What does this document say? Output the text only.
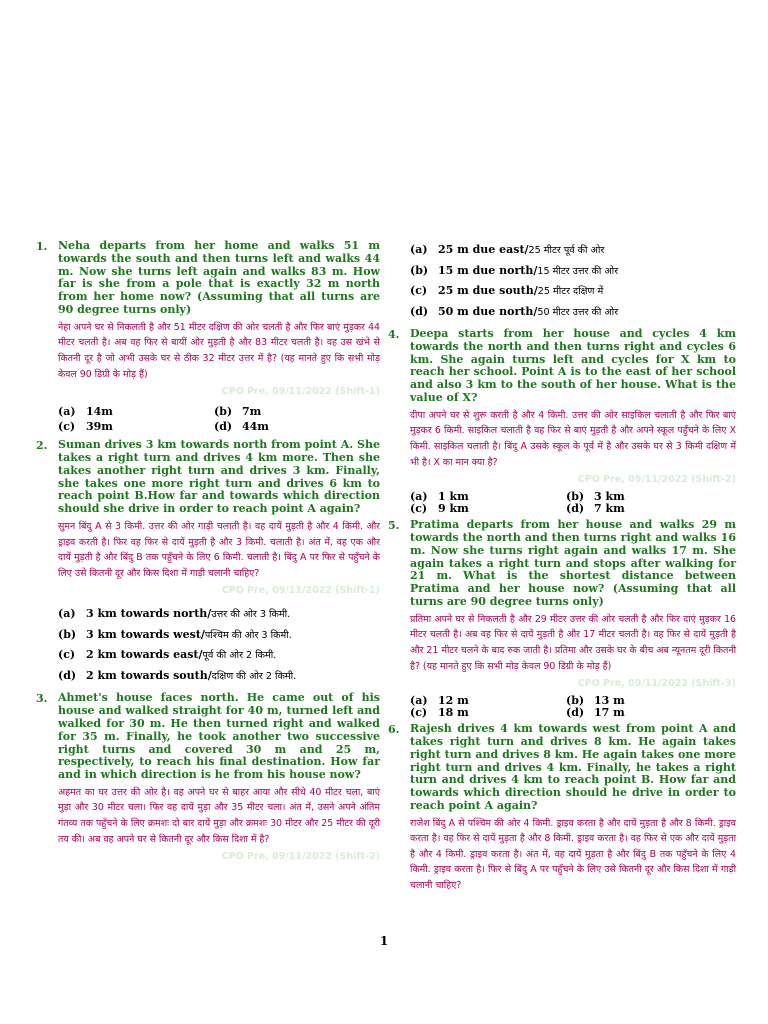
1. Neha departs from her home and walks 51 m towards the south and then turns left and walks 44 m. Now she turns left again and walks 83 m. How far is she from a pole that is exactly 32 m north from her home now? (Assuming that all turns are 90 degree turns only)

नेहा अपने घर से निकलती है और 51 मीटर दक्षिण की ओर चलती है और फिर बाएं मुड़कर 44 मीटर चलती है। अब वह फिर से बायीं ओर मुड़ती है और 83 मीटर चलती है। वह उस खंभे से कितनी दूर है जो अभी उसके घर से ठीक 32 मीटर उत्तर में है? (यह मानते हुए कि सभी मोड़ केवल 90 डिग्री के मोड़ हैं)

CPO Pre, 09/11/2022 (Shift-1)
(a) 14m	(b) 7m
(c) 39m	(d) 44m
2. Suman drives 3 km towards north from point A. She takes a right turn and drives 4 km more. Then she takes another right turn and drives 3 km. Finally, she takes one more right turn and drives 6 km to reach point B.How far and towards which direction should she drive in order to reach point A again?

सुमन बिंदु A से 3 किमी. उत्तर की ओर गाड़ी चलाती है। वह दायें मुड़ती है और 4 किमी. और ड्राइव करती है। फिर वह फिर से दायें मुड़ती है और 3 किमी. चलाती है। अंत में, वह एक और दायें मुड़ती है और बिंदु B तक पहुँचने के लिए 6 किमी. चलाती है। बिंदु A पर फिर से पहुँचने के लिए उसे कितनी दूर और किस दिशा में गाड़ी चलानी चाहिए?

CPO Pre, 09/11/2022 (Shift-1)
(a) 3 km towards north/उत्तर की ओर 3 किमी.
(b) 3 km towards west/पश्चिम की ओर 3 किमी.
(c) 2 km towards east/पूर्व की ओर 2 किमी.
(d) 2 km towards south/दक्षिण की ओर 2 किमी.
3. Ahmet's house faces north. He came out of his house and walked straight for 40 m, turned left and walked for 30 m. He then turned right and walked for 35 m. Finally, he took another two successive right turns and covered 30 m and 25 m, respectively, to reach his final destination. How far and in which direction is he from his house now?

अहमत का घर उत्तर की ओर है। वह अपने घर से बाहर आया और सीधे 40 मीटर चला, बाएं मुड़ा और 30 मीटर चला। फिर वह दायें मुड़ा और 35 मीटर चला। अंत में, उसने अपने अंतिम गंतव्य तक पहुँचने के लिए क्रमशः दो बार दायें मुड़ा और क्रमशः 30 मीटर और 25 मीटर की दूरी तय की। अब वह अपने घर से कितनी दूर और किस दिशा में है?

CPO Pre, 09/11/2022 (Shift-2)
(a) 25 m due east/25 मीटर पूर्व की ओर
(b) 15 m due north/15 मीटर उत्तर की ओर
(c) 25 m due south/25 मीटर दक्षिण में
(d) 50 m due north/50 मीटर उत्तर की ओर
4. Deepa starts from her house and cycles 4 km towards the north and then turns right and cycles 6 km. She again turns left and cycles for X km to reach her school. Point A is to the east of her school and also 3 km to the south of her house. What is the value of X?

दीपा अपने घर से शुरू करती है और 4 किमी. उत्तर की ओर साइकिल चलाती है और फिर बाएं मुड़कर 6 किमी. साइकिल चलाती है वह फिर से बाएं मुड़ती है और अपने स्कूल पहुँचने के लिए X किमी. साइकिल चलाती है। बिंदु A उसके स्कूल के पूर्व में है और उसके घर से 3 किमी दक्षिण में भी है। X का मान क्या है?

CPO Pre, 09/11/2022 (Shift-2)
(a) 1 km	(b) 3 km
(c) 9 km	(d) 7 km
5. Pratima departs from her house and walks 29 m towards the north and then turns right and walks 16 m. Now she turns right again and walks 17 m. She again takes a right turn and stops after walking for 21 m. What is the shortest distance between Pratima and her house now? (Assuming that all turns are 90 degree turns only)

प्रतिमा अपने घर से निकलती है और 29 मीटर उत्तर की ओर चलती है और फिर दाएं मुड़कर 16 मीटर चलती है। अब वह फिर से दायें मुड़ती है और 17 मीटर चलती है। वह फिर से दायें मुड़ती है और 21 मीटर चलने के बाद रुक जाती है। प्रतिमा और उसके घर के बीच अब न्यूनतम दूरी कितनी है? (यह मानते हुए कि सभी मोड़ केवल 90 डिग्री के मोड़ हैं)

CPO Pre, 09/11/2022 (Shift-3)
(a) 12 m	(b) 13 m
(c) 18 m	(d) 17 m
6. Rajesh drives 4 km towards west from point A and takes right turn and drives 8 km. He again takes right turn and drives 8 km. He again takes one more right turn and drives 4 km. Finally, he takes a right turn and drives 4 km to reach point B. How far and towards which direction should he drive in order to reach point A again?

राजेश बिंदु A से पश्चिम की ओर 4 किमी. ड्राइव करता है और दायें मुड़ता है और 8 किमी. ड्राइव करता है। वह फिर से दायें मुड़ता है और 8 किमी. ड्राइव करता है। वह फिर से एक और दायें मुड़ता है और 4 किमी. ड्राइव करता है। अंत में, वह दायें मुड़ता है और बिंदु B तक पहुँचने के लिए 4 किमी. ड्राइव करता है। फिर से बिंदु A पर पहुँचने के लिए उसे कितनी दूर और किस दिशा में गाड़ी चलानी चाहिए?

1
